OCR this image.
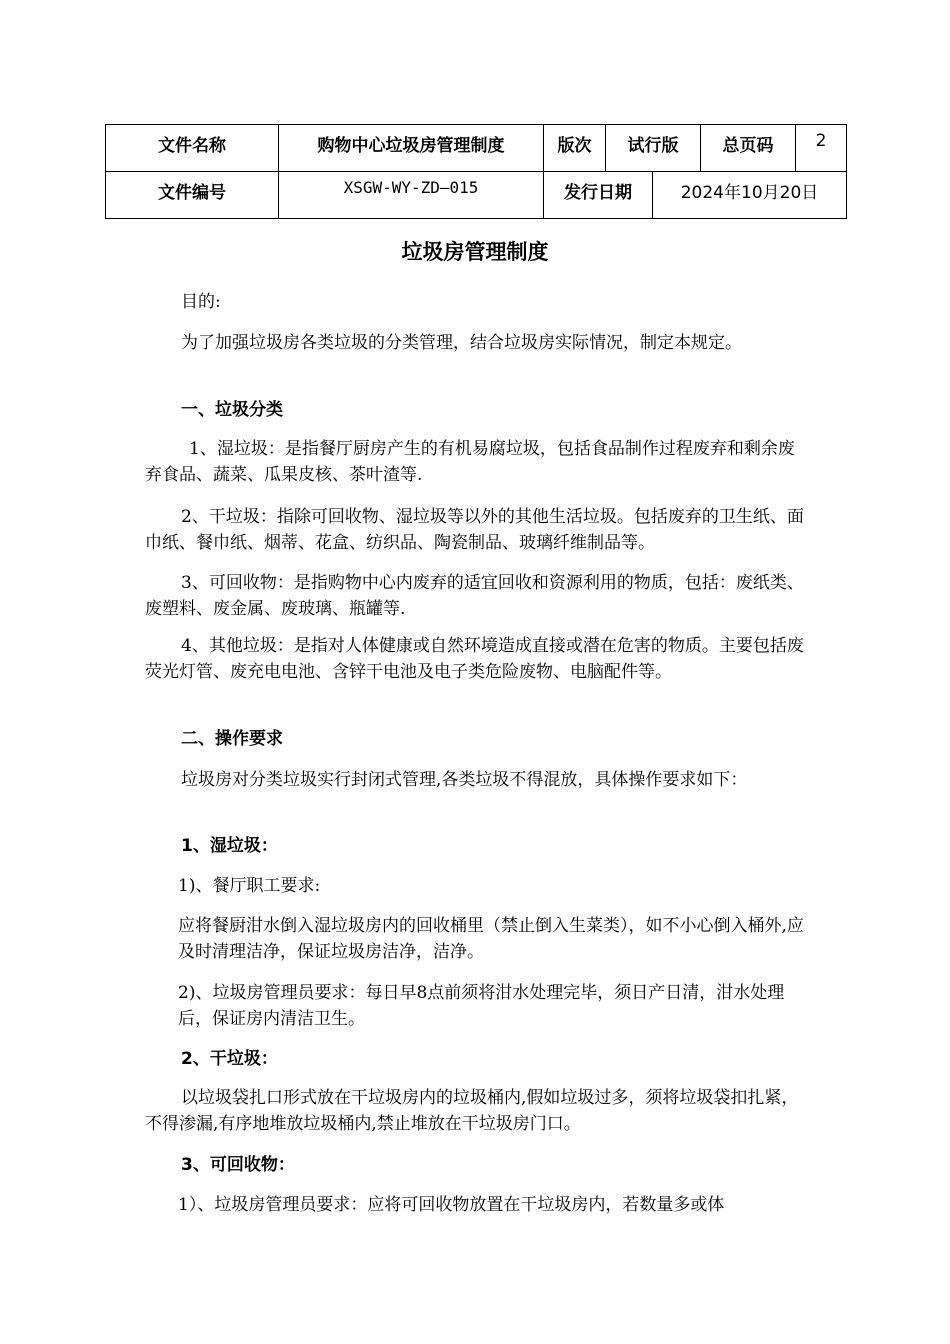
文件名称	购物中心垃圾房管理制度	版次	试行版		总页码	2
文件编号	XSGW-WY-ZD—015	发行日期		2024年10月20日		
垃圾房管理制度

目的:

为了加强垃圾房各类垃圾的分类管理，结合垃圾房实际情况，制定本规定。

一、垃圾分类

1、湿垃圾：是指餐厅厨房产生的有机易腐垃圾，包括食品制作过程废弃和剩余废弃食品、蔬菜、瓜果皮核、茶叶渣等.

2、干垃圾：指除可回收物、湿垃圾等以外的其他生活垃圾。包括废弃的卫生纸、面巾纸、餐巾纸、烟蒂、花盒、纺织品、陶瓷制品、玻璃纤维制品等。

3、可回收物：是指购物中心内废弃的适宜回收和资源利用的物质，包括：废纸类、废塑料、废金属、废玻璃、瓶罐等.

4、其他垃圾：是指对人体健康或自然环境造成直接或潜在危害的物质。主要包括废荧光灯管、废充电电池、含锌干电池及电子类危险废物、电脑配件等。

二、操作要求

垃圾房对分类垃圾实行封闭式管理,各类垃圾不得混放，具体操作要求如下：

1、湿垃圾：

1)、餐厅职工要求:

应将餐厨泔水倒入湿垃圾房内的回收桶里（禁止倒入生菜类），如不小心倒入桶外,应及时清理洁净，保证垃圾房洁净，洁净。

2)、垃圾房管理员要求：每日早8点前须将泔水处理完毕，须日产日清，泔水处理后，保证房内清洁卫生。

2、干垃圾：

以垃圾袋扎口形式放在干垃圾房内的垃圾桶内,假如垃圾过多，须将垃圾袋扣扎紧，不得渗漏,有序地堆放垃圾桶内,禁止堆放在干垃圾房门口。

3、可回收物：

1）、垃圾房管理员要求：应将可回收物放置在干垃圾房内，若数量多或体
